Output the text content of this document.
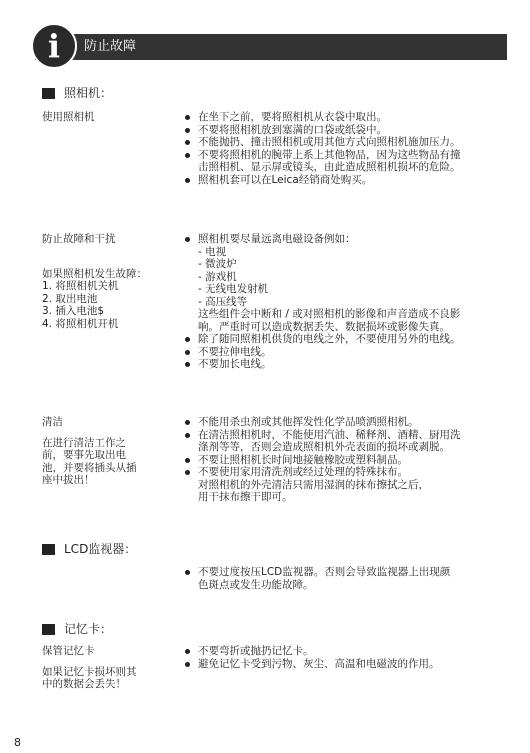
i	防止故障
照相机：
使用照相机	在坐下之前，要将照相机从衣袋中取出。
不要将照相机放到塞满的口袋或纸袋中。
不能抛扔、撞击照相机或用其他方式向照相机施加压力。
不要将照相机的腕带上系上其他物品，因为这些物品有撞
击照相机、显示屏或镜头，由此造成照相机损坏的危险。
照相机套可以在Leica经销商处购买。
防止故障和干扰
如果照相机发生故障：
1. 将照相机关机
2. 取出电池
3. 插入电池$
4. 将照相机开机
照相机要尽量远离电磁设备例如：
- 电视
- 微波炉
- 游戏机
- 无线电发射机
- 高压线等
这些组件会中断和 / 或对照相机的影像和声音造成不良影
响。严重时可以造成数据丢失、数据损坏或影像失真。
除了随同照相机供货的电线之外，不要使用另外的电线。
不要拉伸电线。
不要加长电线。
清洁
在进行清洁工作之
前，要事先取出电
池，并要将插头从插
座中拔出！
不能用杀虫剂或其他挥发性化学品喷洒照相机。
在清洁照相机时，不能使用汽油、稀释剂、酒精、厨用洗
涤剂等等，否则会造成照相机外壳表面的损坏或剥脱。
不要让照相机长时间地接触橡胶或塑料制品。
不要使用家用清洗剂或经过处理的特殊抹布。
对照相机的外壳清洁只需用湿润的抹布擦拭之后，
用干抹布擦干即可。
LCD监视器：
不要过度按压LCD监视器。否则会导致监视器上出现颜
色斑点或发生功能故障。
记忆卡：
保管记忆卡
如果记忆卡损坏则其
中的数据会丢失！
不要弯折或抛扔记忆卡。
避免记忆卡受到污物、灰尘、高温和电磁波的作用。
8
